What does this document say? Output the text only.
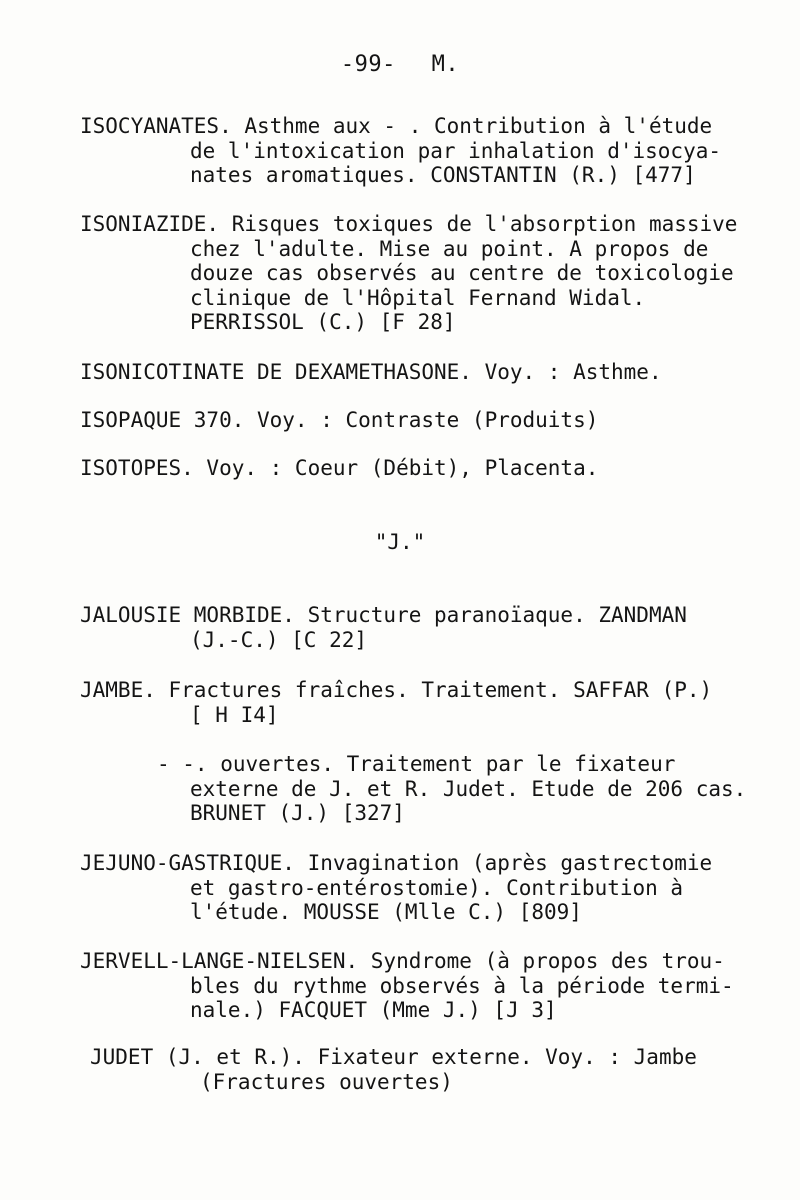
-99- M.
ISOCYANATES. Asthme aux - . Contribution à l'étude
de l'intoxication par inhalation d'isocya-
nates aromatiques. CONSTANTIN (R.) [477]
ISONIAZIDE. Risques toxiques de l'absorption massive
chez l'adulte. Mise au point. A propos de
douze cas observés au centre de toxicologie
clinique de l'Hôpital Fernand Widal.
PERRISSOL (C.) [F 28]
ISONICOTINATE DE DEXAMETHASONE. Voy. : Asthme.
ISOPAQUE 370. Voy. : Contraste (Produits)
ISOTOPES. Voy. : Coeur (Débit), Placenta.
"J."
JALOUSIE MORBIDE. Structure paranoïaque. ZANDMAN
(J.-C.) [C 22]
JAMBE. Fractures fraîches. Traitement. SAFFAR (P.)
[ H I4]
- -. ouvertes. Traitement par le fixateur
externe de J. et R. Judet. Etude de 206 cas.
BRUNET (J.) [327]
JEJUNO-GASTRIQUE. Invagination (après gastrectomie
et gastro-entérostomie). Contribution à
l'étude. MOUSSE (Mlle C.) [809]
JERVELL-LANGE-NIELSEN. Syndrome (à propos des trou-
bles du rythme observés à la période termi-
nale.) FACQUET (Mme J.) [J 3]
JUDET (J. et R.). Fixateur externe. Voy. : Jambe
(Fractures ouvertes)
